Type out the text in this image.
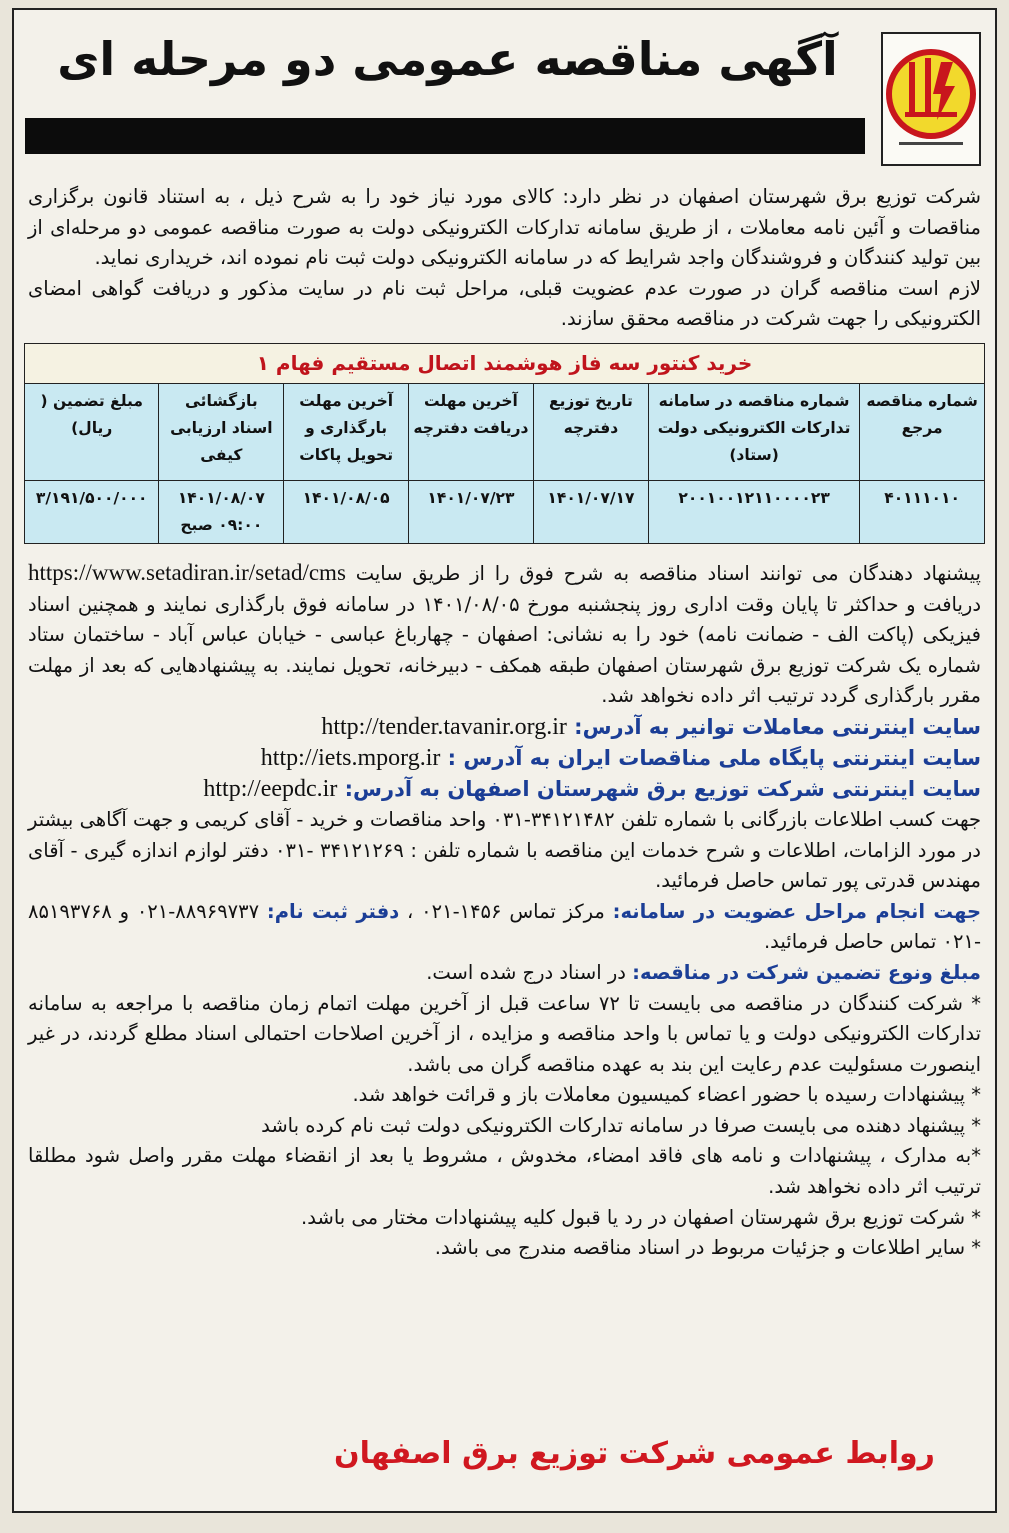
آگهی مناقصه عمومی دو مرحله ای

شرکت توزیع برق شهرستان اصفهان در نظر دارد: کالای مورد نیاز خود را به شرح ذیل ، به استناد قانون برگزاری مناقصات و آئین نامه معاملات ، از طریق سامانه تدارکات الکترونیکی دولت به صورت مناقصه عمومی دو مرحله‌ای از بین تولید کنندگان و فروشندگان واجد شرایط که در سامانه الکترونیکی دولت ثبت نام نموده اند، خریداری نماید.

لازم است مناقصه گران در صورت عدم عضویت قبلی، مراحل ثبت نام در سایت مذکور و دریافت گواهی امضای الکترونیکی را جهت شرکت در مناقصه محقق سازند.

خرید کنتور سه فاز هوشمند اتصال مستقیم فهام ۱						
شماره مناقصه مرجع	شماره مناقصه در سامانه تدارکات الکترونیکی دولت (ستاد)	تاریخ توزیع دفترچه	آخرین مهلت دریافت دفترچه	آخرین مهلت بارگذاری و تحویل پاکات	بازگشائی اسناد ارزیابی کیفی	مبلغ تضمین ( ریال)
۴۰۱۱۱۰۱۰	۲۰۰۱۰۰۱۲۱۱۰۰۰۰۲۳	۱۴۰۱/۰۷/۱۷	۱۴۰۱/۰۷/۲۳	۱۴۰۱/۰۸/۰۵	۱۴۰۱/۰۸/۰۷ ۰۹:۰۰ صبح	۳/۱۹۱/۵۰۰/۰۰۰

پیشنهاد دهندگان می توانند اسناد مناقصه به شرح فوق را از طریق سایت https://www.setadiran.ir/setad/cms دریافت و حداکثر تا پایان وقت اداری روز پنجشنبه مورخ ۱۴۰۱/۰۸/۰۵ در سامانه فوق بارگذاری نمایند و همچنین اسناد فیزیکی (پاکت الف - ضمانت نامه) خود را به نشانی: اصفهان - چهارباغ عباسی - خیابان عباس آباد - ساختمان ستاد شماره یک شرکت توزیع برق شهرستان اصفهان طبقه همکف - دبیرخانه، تحویل نمایند. به پیشنهادهایی که بعد از مهلت مقرر بارگذاری گردد ترتیب اثر داده نخواهد شد.

سایت اینترنتی معاملات توانیر به آدرس: http://tender.tavanir.org.ir
سایت اینترنتی پایگاه ملی مناقصات ایران به آدرس : http://iets.mporg.ir
سایت اینترنتی شرکت توزیع برق شهرستان اصفهان به آدرس: http://eepdc.ir

جهت کسب اطلاعات بازرگانی با شماره تلفن ۳۴۱۲۱۴۸۲-۰۳۱ واحد مناقصات و خرید - آقای کریمی و جهت آگاهی بیشتر در مورد الزامات، اطلاعات و شرح خدمات این مناقصه با شماره تلفن : ۳۴۱۲۱۲۶۹ -۰۳۱ دفتر لوازم اندازه گیری - آقای مهندس قدرتی پور تماس حاصل فرمائید.

جهت انجام مراحل عضویت در سامانه: مرکز تماس ۱۴۵۶-۰۲۱ ، دفتر ثبت نام: ۸۸۹۶۹۷۳۷-۰۲۱ و ۸۵۱۹۳۷۶۸ -۰۲۱ تماس حاصل فرمائید.

مبلغ ونوع تضمین شرکت در مناقصه: در اسناد درج شده است.

* شرکت کنندگان در مناقصه می بایست تا ۷۲ ساعت قبل از آخرین مهلت اتمام زمان مناقصه با مراجعه به سامانه تدارکات الکترونیکی دولت و یا تماس با واحد مناقصه و مزایده ، از آخرین اصلاحات احتمالی اسناد مطلع گردند، در غیر اینصورت مسئولیت عدم رعایت این بند به عهده مناقصه گران می باشد.
* پیشنهادات رسیده با حضور اعضاء کمیسیون معاملات باز و قرائت خواهد شد.
* پیشنهاد دهنده می بایست صرفا در سامانه تدارکات الکترونیکی دولت ثبت نام کرده باشد
*به مدارک ، پیشنهادات و نامه های فاقد امضاء، مخدوش ، مشروط یا بعد از انقضاء مهلت مقرر واصل شود مطلقا ترتیب اثر داده نخواهد شد.
* شرکت توزیع برق شهرستان اصفهان در رد یا قبول کلیه پیشنهادات مختار می باشد.
* سایر اطلاعات و جزئیات مربوط در اسناد مناقصه مندرج می باشد.
روابط عمومی شرکت توزیع برق اصفهان
